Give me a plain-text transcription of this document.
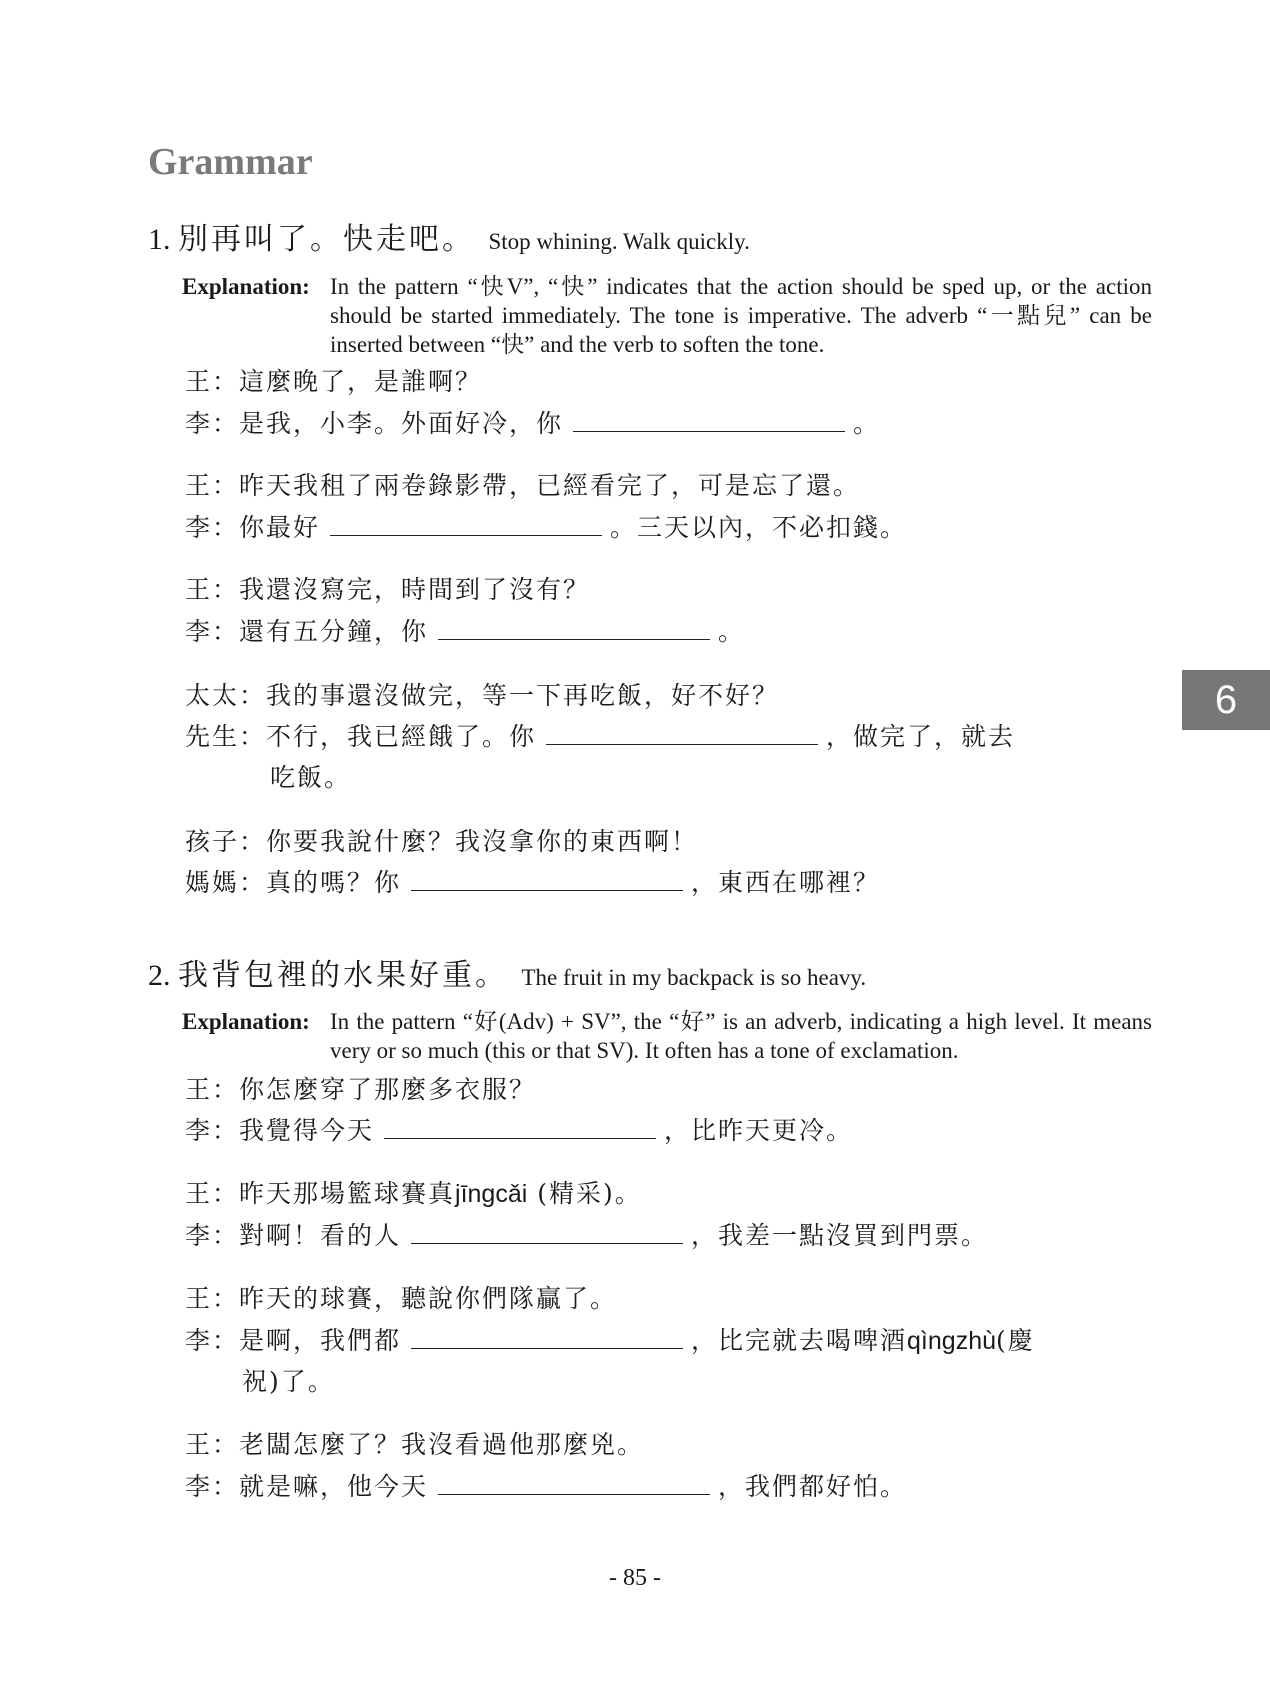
Grammar
1. 別再叫了。快走吧。 Stop whining. Walk quickly.
Explanation: In the pattern “快V”, “快” indicates that the action should be sped up, or the action should be started immediately. The tone is imperative. The adverb “一點兒” can be inserted between “快” and the verb to soften the tone.
王：這麼晚了，是誰啊？
李：是我，小李。外面好冷，你	。
王：昨天我租了兩卷錄影帶，已經看完了，可是忘了還。
李：你最好	。三天以內，不必扣錢。
王：我還沒寫完，時間到了沒有？
李：還有五分鐘，你	。
太太：我的事還沒做完，等一下再吃飯，好不好？
先生：不行，我已經餓了。你	，做完了，就去
吃飯。
孩子：你要我說什麼？我沒拿你的東西啊！
媽媽：真的嗎？你	，東西在哪裡？
2. 我背包裡的水果好重。 The fruit in my backpack is so heavy.
Explanation: In the pattern “好(Adv) + SV”, the “好” is an adverb, indicating a high level. It means very or so much (this or that SV). It often has a tone of exclamation.
王：你怎麼穿了那麼多衣服？
李：我覺得今天	，比昨天更冷。
王：昨天那場籃球賽真jīngcǎi (精采)。
李：對啊！看的人	，我差一點沒買到門票。
王：昨天的球賽，聽說你們隊贏了。
李：是啊，我們都	，比完就去喝啤酒qìngzhù(慶
祝)了。
王：老闆怎麼了？我沒看過他那麼兇。
李：就是嘛，他今天	，我們都好怕。
6
- 85 -
